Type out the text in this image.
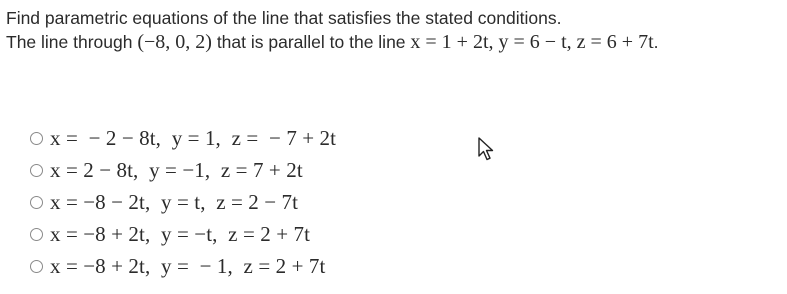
Find parametric equations of the line that satisfies the stated conditions.
The line through (−8, 0, 2) that is parallel to the line x = 1 + 2t, y = 6 − t, z = 6 + 7t.
x =  − 2 − 8t,  y = 1,  z =  − 7 + 2t
x = 2 − 8t,  y = −1,  z = 7 + 2t
x = −8 − 2t,  y = t,  z = 2 − 7t
x = −8 + 2t,  y = −t,  z = 2 + 7t
x = −8 + 2t,  y =  − 1,  z = 2 + 7t
